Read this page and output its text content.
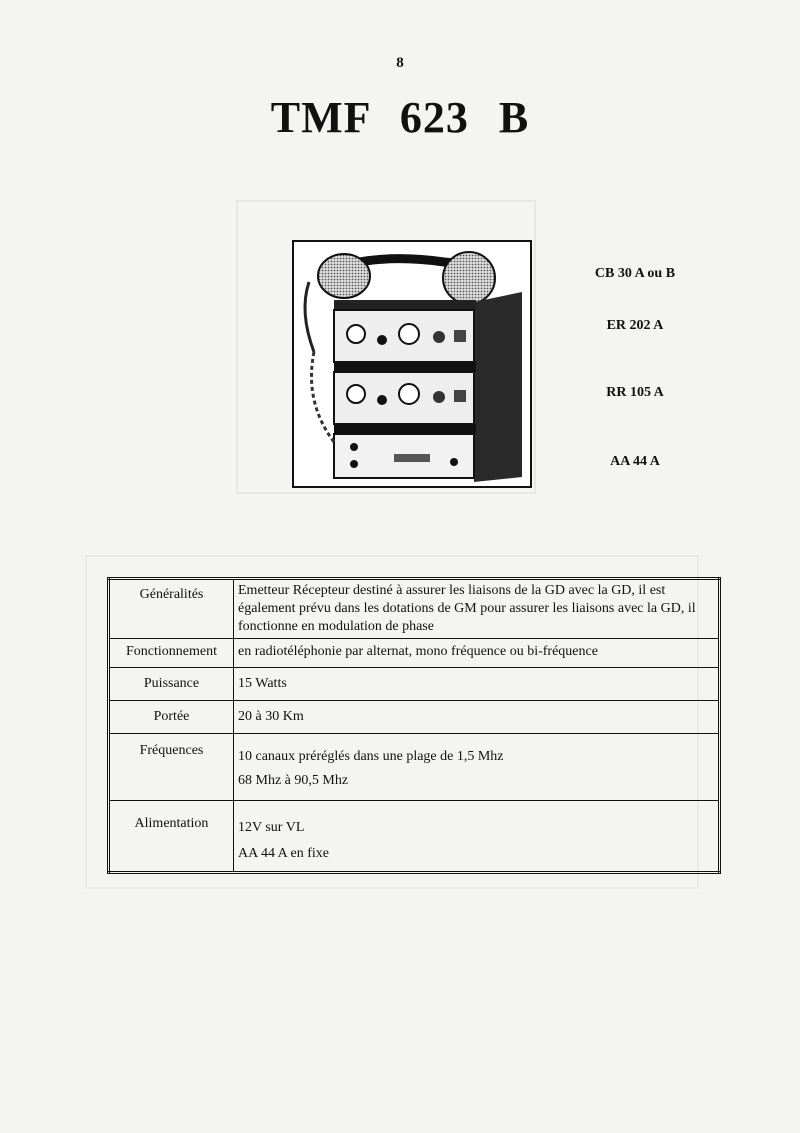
8
TMF 623 B
CB 30 A ou B
ER 202 A
RR 105 A
AA 44 A
Généralités	Emetteur Récepteur destiné à assurer les liaisons de la GD avec la GD, il est également prévu dans les dotations de GM pour assurer les liaisons avec la GD, il fonctionne en modulation de phase
Fonctionnement	en radiotéléphonie par alternat, mono fréquence ou bi-fréquence
Puissance	15 Watts
Portée	20 à 30 Km
Fréquences	10 canaux préréglés dans une plage de 1,5 Mhz
68 Mhz à 90,5 Mhz

Alimentation	12V sur VL
AA 44 A en fixe
